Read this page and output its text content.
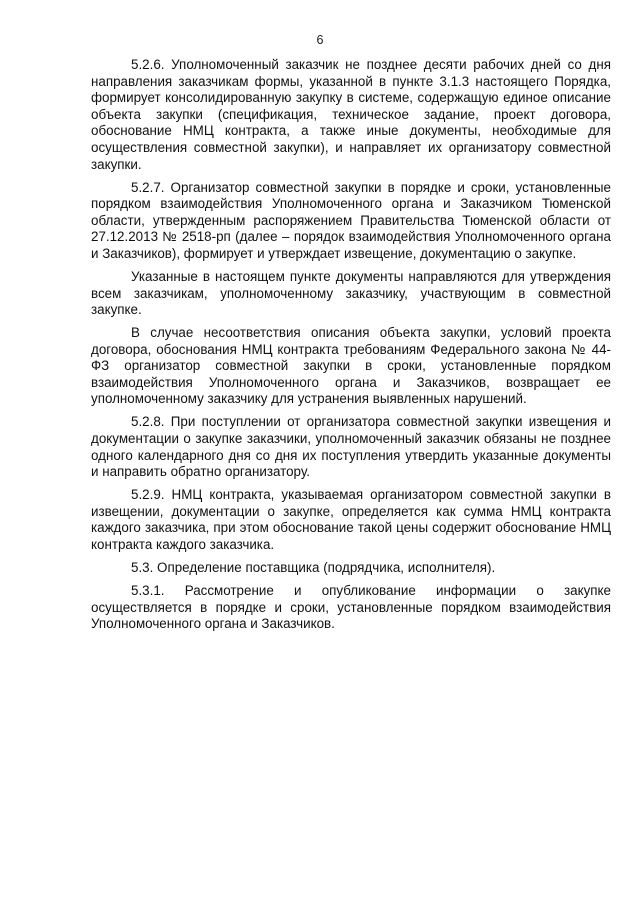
6

5.2.6. Уполномоченный заказчик не позднее десяти рабочих дней со дня направления заказчикам формы, указанной в пункте 3.1.3 настоящего Порядка, формирует консолидированную закупку в системе, содержащую единое описание объекта закупки (спецификация, техническое задание, проект договора, обоснование НМЦ контракта, а также иные документы, необходимые для осуществления совместной закупки), и направляет их организатору совместной закупки.

5.2.7. Организатор совместной закупки в порядке и сроки, установленные порядком взаимодействия Уполномоченного органа и Заказчиком Тюменской области, утвержденным распоряжением Правительства Тюменской области от 27.12.2013 № 2518-рп (далее – порядок взаимодействия Уполномоченного органа и Заказчиков), формирует и утверждает извещение, документацию о закупке.

Указанные в настоящем пункте документы направляются для утверждения всем заказчикам, уполномоченному заказчику, участвующим в совместной закупке.

В случае несоответствия описания объекта закупки, условий проекта договора, обоснования НМЦ контракта требованиям Федерального закона № 44-ФЗ организатор совместной закупки в сроки, установленные порядком взаимодействия Уполномоченного органа и Заказчиков, возвращает ее уполномоченному заказчику для устранения выявленных нарушений.

5.2.8. При поступлении от организатора совместной закупки извещения и документации о закупке заказчики, уполномоченный заказчик обязаны не позднее одного календарного дня со дня их поступления утвердить указанные документы и направить обратно организатору.

5.2.9. НМЦ контракта, указываемая организатором совместной закупки в извещении, документации о закупке, определяется как сумма НМЦ контракта каждого заказчика, при этом обоснование такой цены содержит обоснование НМЦ контракта каждого заказчика.

5.3. Определение поставщика (подрядчика, исполнителя).

5.3.1. Рассмотрение и опубликование информации о закупке осуществляется в порядке и сроки, установленные порядком взаимодействия Уполномоченного органа и Заказчиков.
